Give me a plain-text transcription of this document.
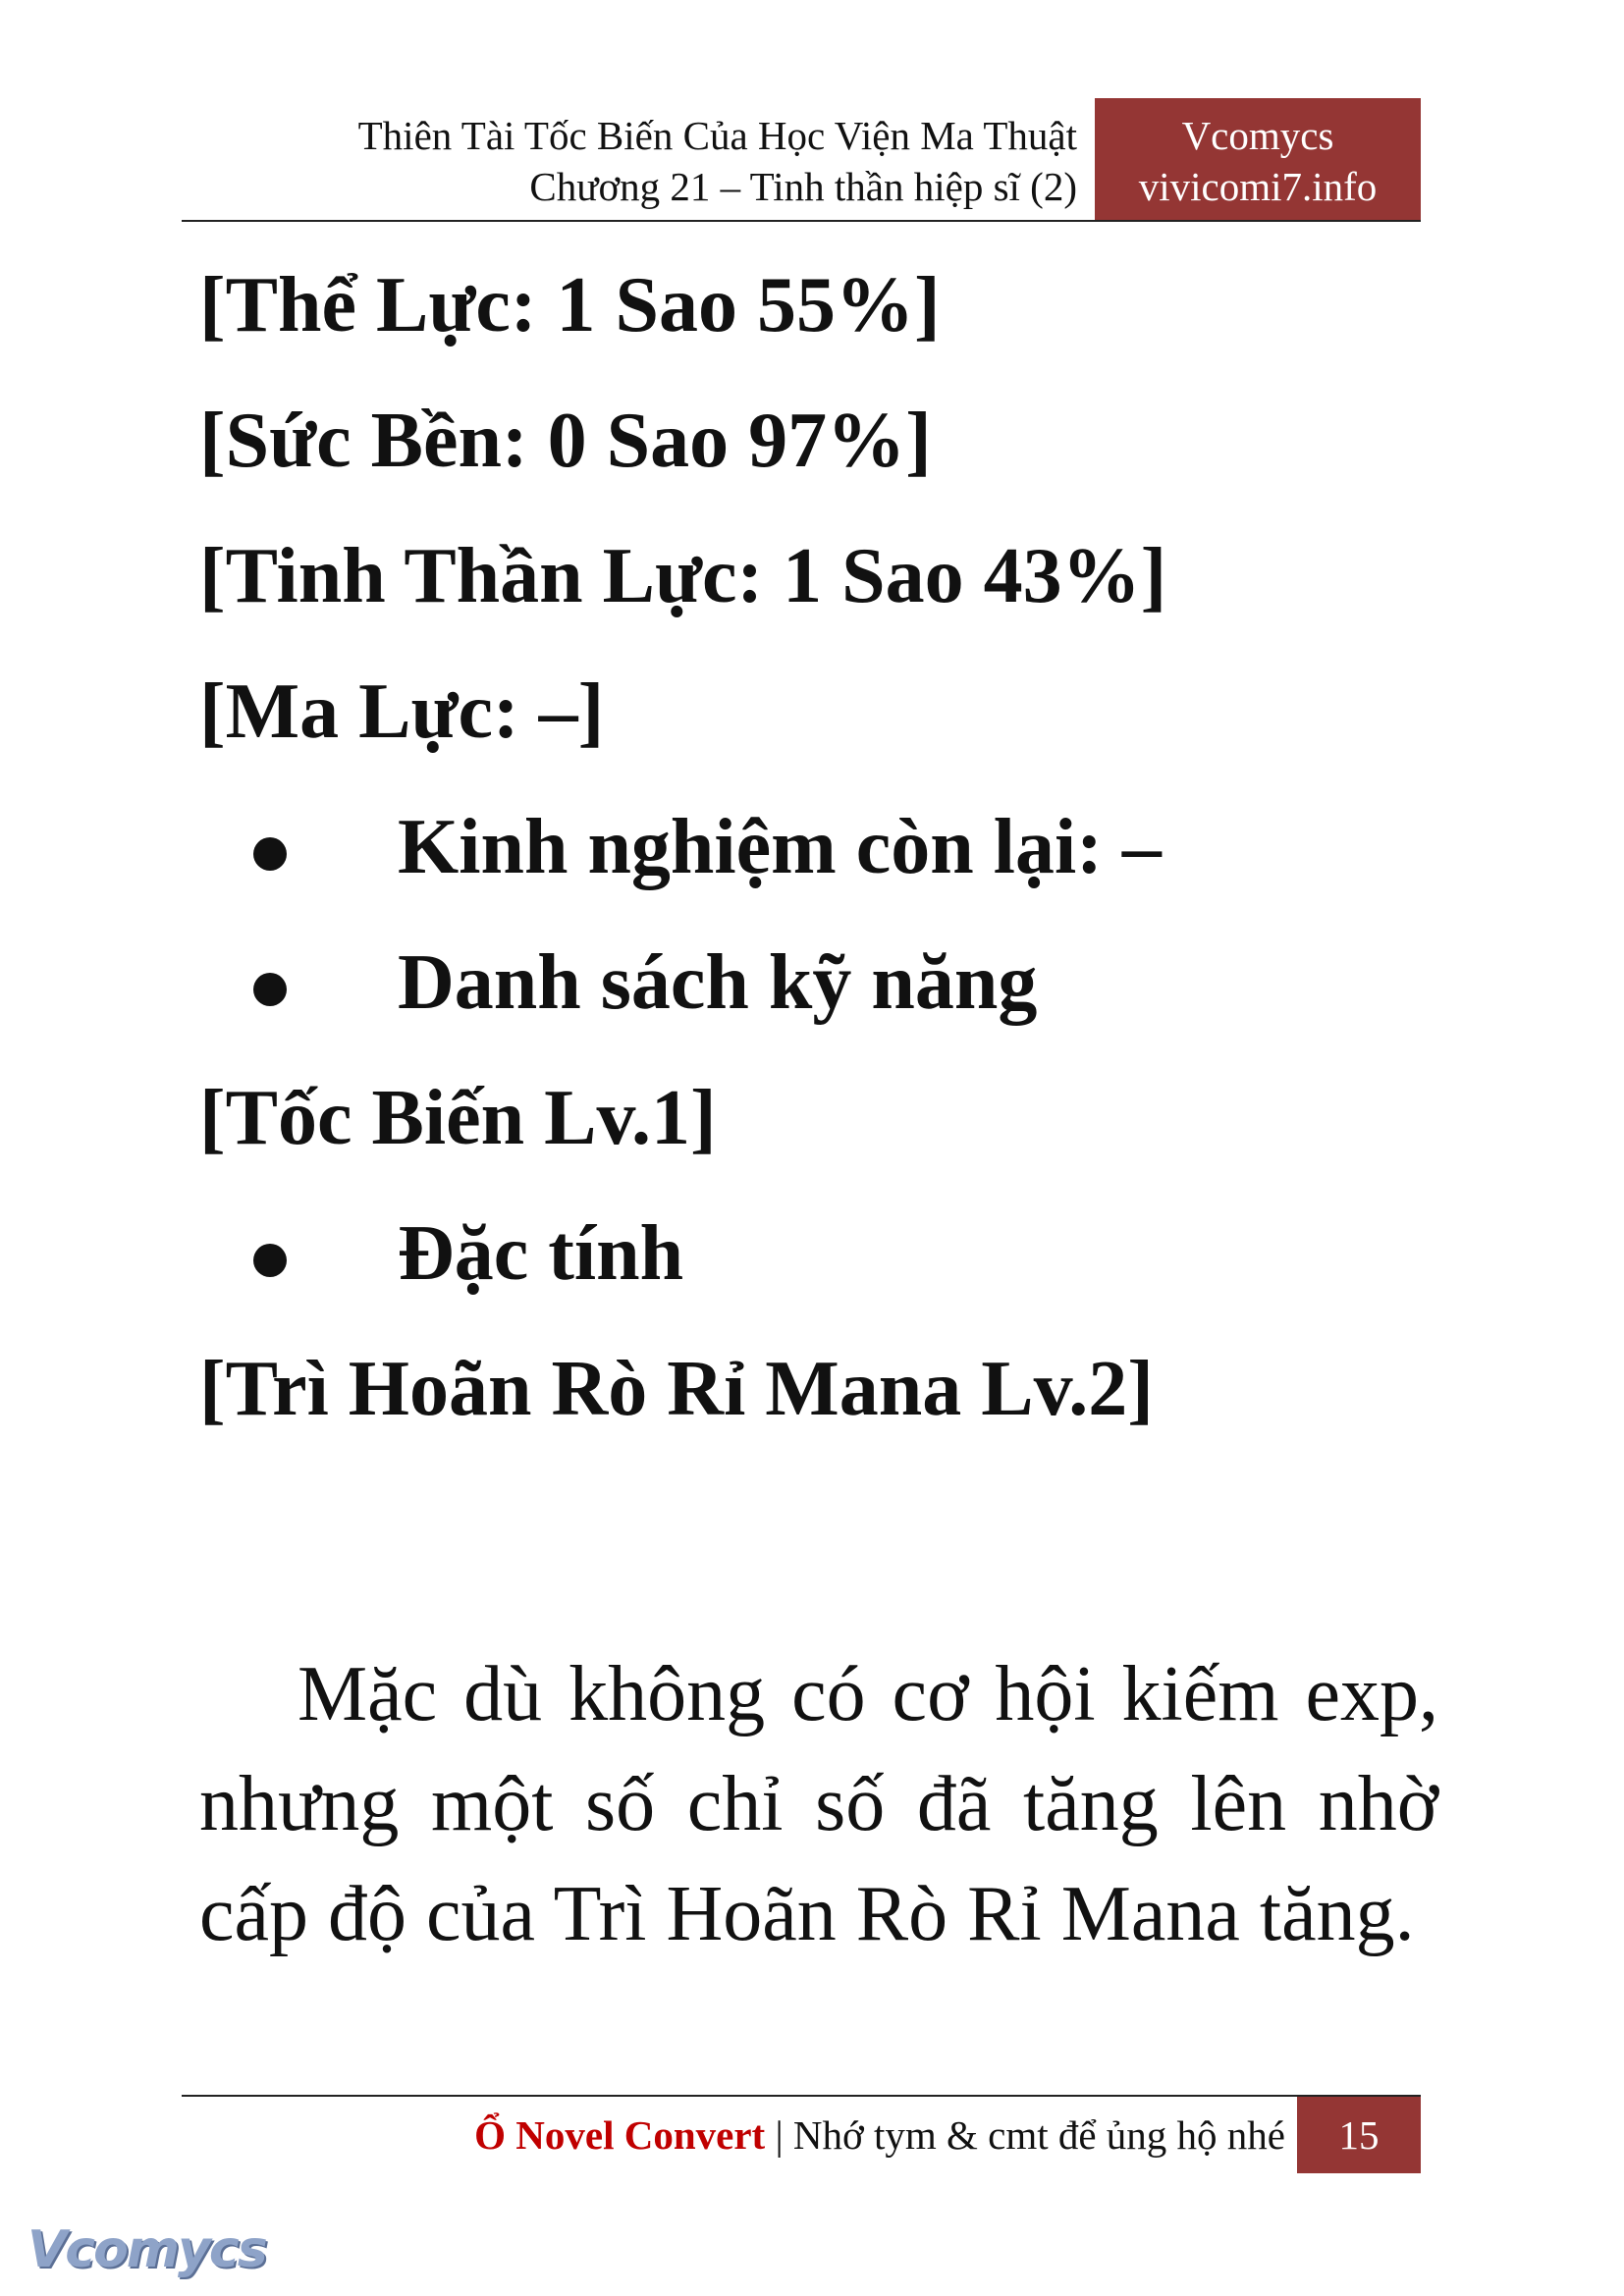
Thiên Tài Tốc Biến Của Học Viện Ma Thuật
Chương 21 – Tinh thần hiệp sĩ (2)
Vcomycs
vivicomi7.info
[Thể Lực: 1 Sao 55%]
[Sức Bền: 0 Sao 97%]
[Tinh Thần Lực: 1 Sao 43%]
[Ma Lực: –]
Kinh nghiệm còn lại: –
Danh sách kỹ năng
[Tốc Biến Lv.1]
Đặc tính
[Trì Hoãn Rò Rỉ Mana Lv.2]
Mặc dù không có cơ hội kiếm exp, nhưng một số chỉ số đã tăng lên nhờ cấp độ của Trì Hoãn Rò Rỉ Mana tăng.
Ổ Novel Convert | Nhớ tym & cmt để ủng hộ nhé	15
Vcomycs
